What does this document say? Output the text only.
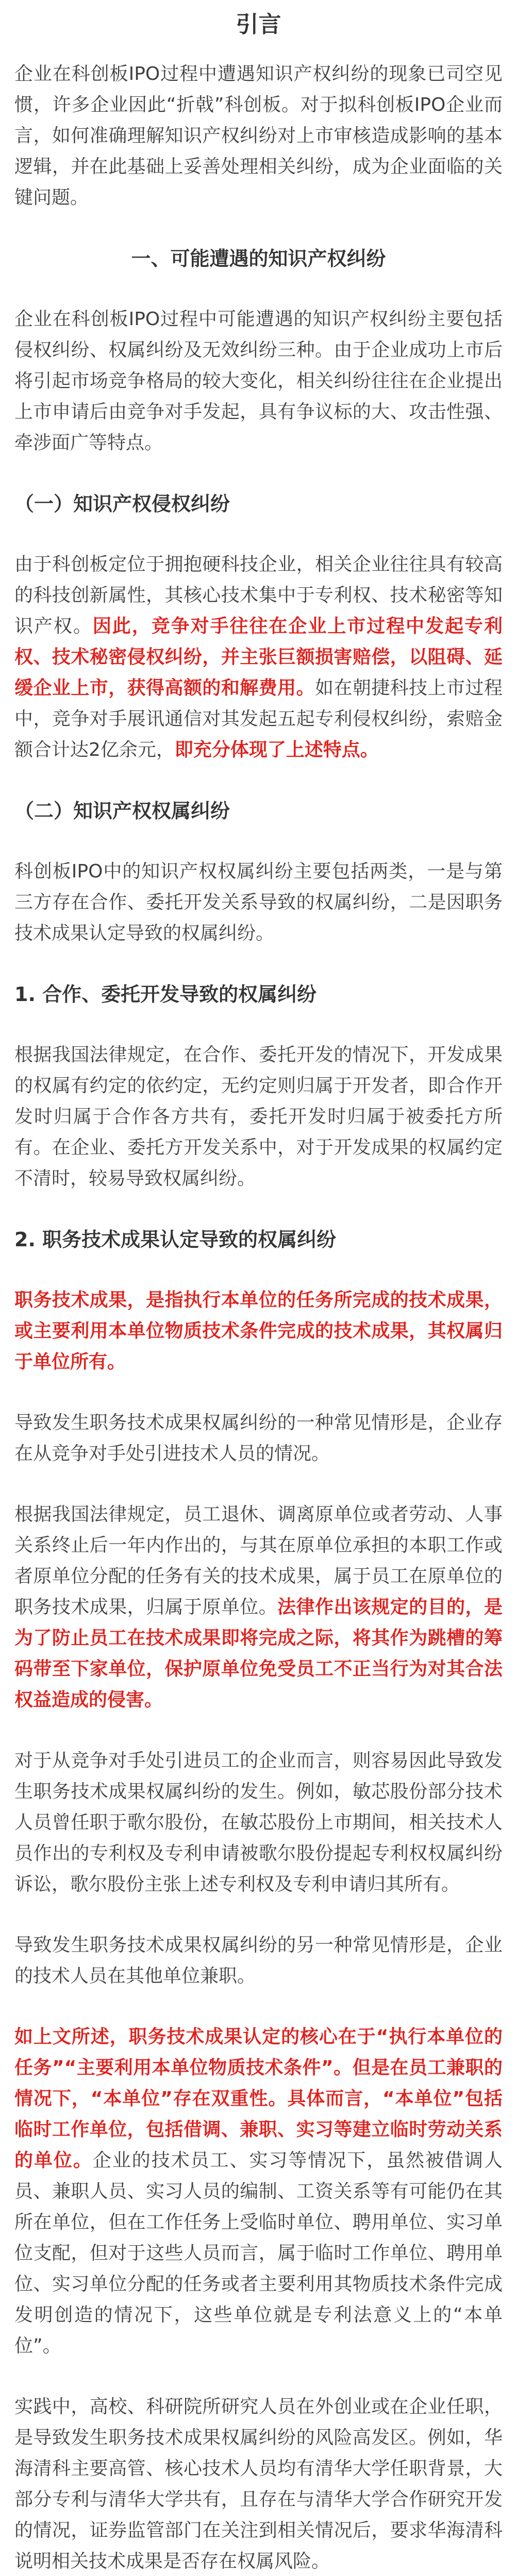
引言

企业在科创板IPO过程中遭遇知识产权纠纷的现象已司空见惯，许多企业因此“折戟”科创板。对于拟科创板IPO企业而言，如何准确理解知识产权纠纷对上市审核造成影响的基本逻辑，并在此基础上妥善处理相关纠纷，成为企业面临的关键问题。

一、可能遭遇的知识产权纠纷

企业在科创板IPO过程中可能遭遇的知识产权纠纷主要包括侵权纠纷、权属纠纷及无效纠纷三种。由于企业成功上市后将引起市场竞争格局的较大变化，相关纠纷往往在企业提出上市申请后由竞争对手发起，具有争议标的大、攻击性强、牵涉面广等特点。

（一）知识产权侵权纠纷

由于科创板定位于拥抱硬科技企业，相关企业往往具有较高的科技创新属性，其核心技术集中于专利权、技术秘密等知识产权。因此，竞争对手往往在企业上市过程中发起专利权、技术秘密侵权纠纷，并主张巨额损害赔偿，以阻碍、延缓企业上市，获得高额的和解费用。如在朝捷科技上市过程中，竞争对手展讯通信对其发起五起专利侵权纠纷，索赔金额合计达2亿余元，即充分体现了上述特点。

（二）知识产权权属纠纷

科创板IPO中的知识产权权属纠纷主要包括两类，一是与第三方存在合作、委托开发关系导致的权属纠纷，二是因职务技术成果认定导致的权属纠纷。

1. 合作、委托开发导致的权属纠纷

根据我国法律规定，在合作、委托开发的情况下，开发成果的权属有约定的依约定，无约定则归属于开发者，即合作开发时归属于合作各方共有，委托开发时归属于被委托方所有。在企业、委托方开发关系中，对于开发成果的权属约定不清时，较易导致权属纠纷。

2. 职务技术成果认定导致的权属纠纷

职务技术成果，是指执行本单位的任务所完成的技术成果，或主要利用本单位物质技术条件完成的技术成果，其权属归于单位所有。

导致发生职务技术成果权属纠纷的一种常见情形是，企业存在从竞争对手处引进技术人员的情况。

根据我国法律规定，员工退休、调离原单位或者劳动、人事关系终止后一年内作出的，与其在原单位承担的本职工作或者原单位分配的任务有关的技术成果，属于员工在原单位的职务技术成果，归属于原单位。法律作出该规定的目的，是为了防止员工在技术成果即将完成之际，将其作为跳槽的筹码带至下家单位，保护原单位免受员工不正当行为对其合法权益造成的侵害。

对于从竞争对手处引进员工的企业而言，则容易因此导致发生职务技术成果权属纠纷的发生。例如，敏芯股份部分技术人员曾任职于歌尔股份，在敏芯股份上市期间，相关技术人员作出的专利权及专利申请被歌尔股份提起专利权权属纠纷诉讼，歌尔股份主张上述专利权及专利申请归其所有。

导致发生职务技术成果权属纠纷的另一种常见情形是，企业的技术人员在其他单位兼职。

如上文所述，职务技术成果认定的核心在于“执行本单位的任务”“主要利用本单位物质技术条件”。但是在员工兼职的情况下，“本单位”存在双重性。具体而言，“本单位”包括临时工作单位，包括借调、兼职、实习等建立临时劳动关系的单位。企业的技术员工、实习等情况下，虽然被借调人员、兼职人员、实习人员的编制、工资关系等有可能仍在其所在单位，但在工作任务上受临时单位、聘用单位、实习单位支配，但对于这些人员而言，属于临时工作单位、聘用单位、实习单位分配的任务或者主要利用其物质技术条件完成发明创造的情况下，这些单位就是专利法意义上的“本单位”。

实践中，高校、科研院所研究人员在外创业或在企业任职，是导致发生职务技术成果权属纠纷的风险高发区。例如，华海清科主要高管、核心技术人员均有清华大学任职背景，大部分专利与清华大学共有，且存在与清华大学合作研究开发的情况，证券监管部门在关注到相关情况后，要求华海清科说明相关技术成果是否存在权属风险。
